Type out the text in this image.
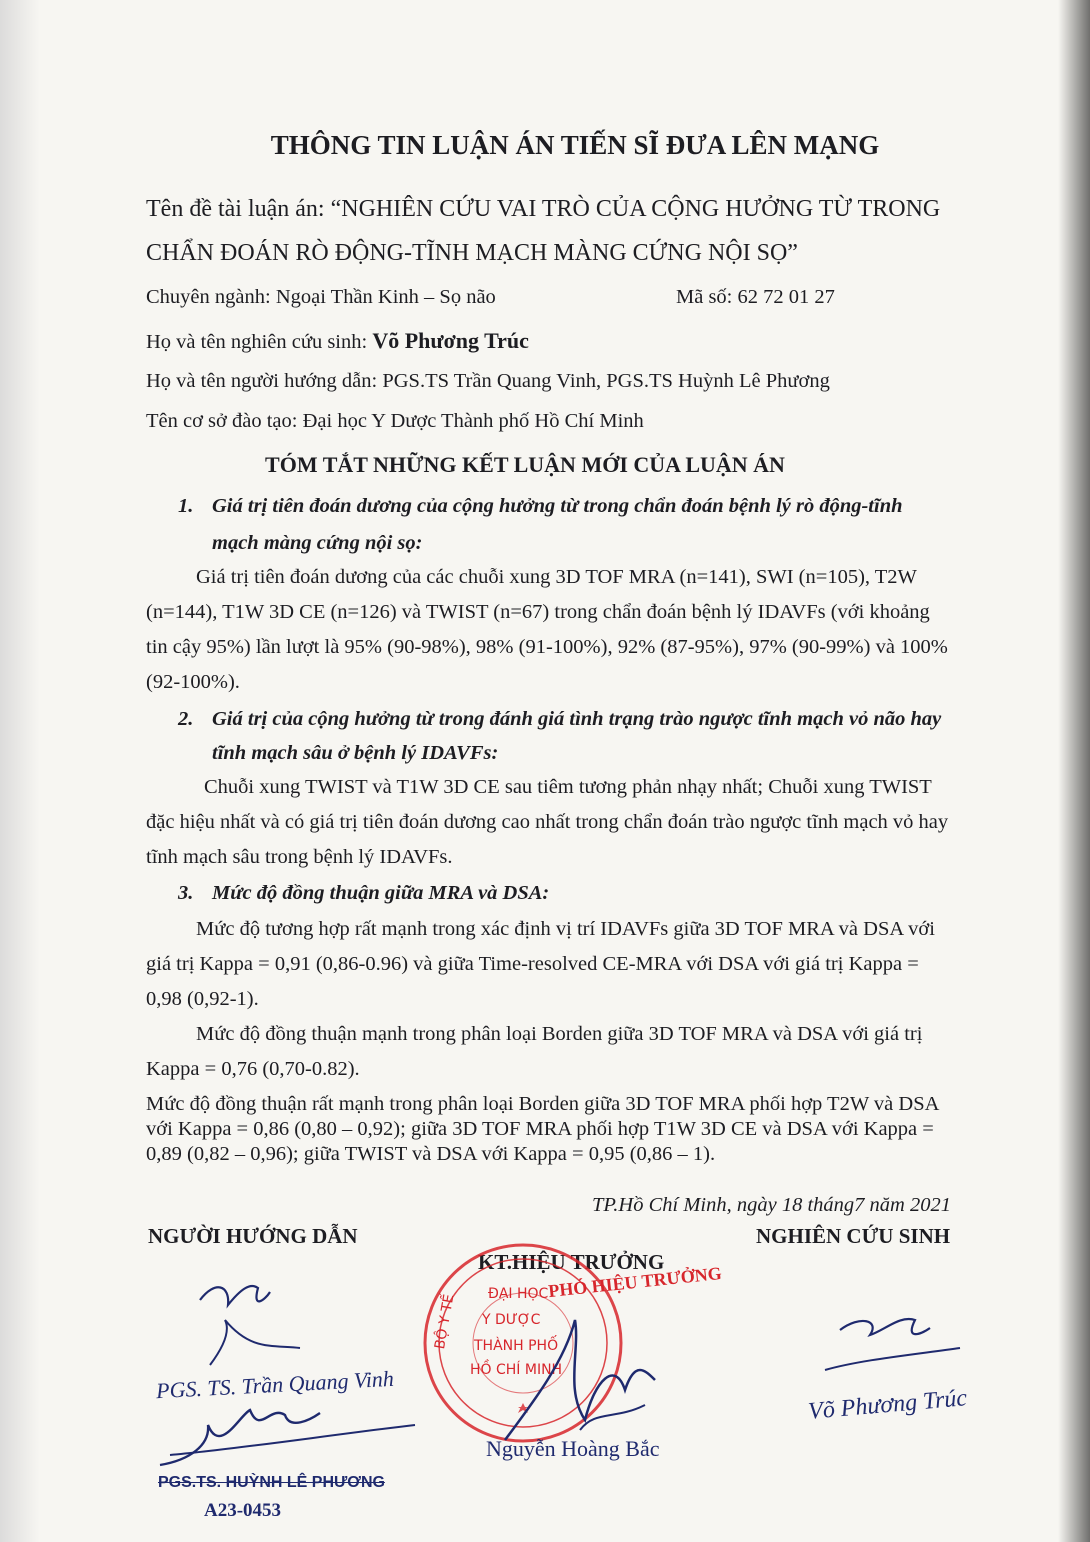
THÔNG TIN LUẬN ÁN TIẾN SĨ ĐƯA LÊN MẠNG
Tên đề tài luận án: “NGHIÊN CỨU VAI TRÒ CỦA CỘNG HƯỞNG TỪ TRONG
CHẨN ĐOÁN RÒ ĐỘNG-TĨNH MẠCH MÀNG CỨNG NỘI SỌ”
Chuyên ngành: Ngoại Thần Kinh – Sọ não	Mã số: 62 72 01 27
Họ và tên nghiên cứu sinh: Võ Phương Trúc
Họ và tên người hướng dẫn: PGS.TS Trần Quang Vinh, PGS.TS Huỳnh Lê Phương
Tên cơ sở đào tạo: Đại học Y Dược Thành phố Hồ Chí Minh
TÓM TẮT NHỮNG KẾT LUẬN MỚI CỦA LUẬN ÁN
1. Giá trị tiên đoán dương của cộng hưởng từ trong chẩn đoán bệnh lý rò động-tĩnh
mạch màng cứng nội sọ:
Giá trị tiên đoán dương của các chuỗi xung 3D TOF MRA (n=141), SWI (n=105), T2W
(n=144), T1W 3D CE (n=126) và TWIST (n=67) trong chẩn đoán bệnh lý IDAVFs (với khoảng
tin cậy 95%) lần lượt là 95% (90-98%), 98% (91-100%), 92% (87-95%), 97% (90-99%) và 100%
(92-100%).
2. Giá trị của cộng hưởng từ trong đánh giá tình trạng trào ngược tĩnh mạch vỏ não hay
tĩnh mạch sâu ở bệnh lý IDAVFs:
Chuỗi xung TWIST và T1W 3D CE sau tiêm tương phản nhạy nhất; Chuỗi xung TWIST
đặc hiệu nhất và có giá trị tiên đoán dương cao nhất trong chẩn đoán trào ngược tĩnh mạch vỏ hay
tĩnh mạch sâu trong bệnh lý IDAVFs.
3. Mức độ đồng thuận giữa MRA và DSA:
Mức độ tương hợp rất mạnh trong xác định vị trí IDAVFs giữa 3D TOF MRA và DSA với
giá trị Kappa = 0,91 (0,86-0.96) và giữa Time-resolved CE-MRA với DSA với giá trị Kappa =
0,98 (0,92-1).
Mức độ đồng thuận mạnh trong phân loại Borden giữa 3D TOF MRA và DSA với giá trị
Kappa = 0,76 (0,70-0.82).
Mức độ đồng thuận rất mạnh trong phân loại Borden giữa 3D TOF MRA phối hợp T2W và DSA
với Kappa = 0,86 (0,80 – 0,92); giữa 3D TOF MRA phối hợp T1W 3D CE và DSA với Kappa =
0,89 (0,82 – 0,96); giữa TWIST và DSA với Kappa = 0,95 (0,86 – 1).
TP.Hồ Chí Minh, ngày 18 tháng7 năm 2021
NGƯỜI HƯỚNG DẪN
KT.HIỆU TRƯỞNG
NGHIÊN CỨU SINH
ĐẠI HỌC
Y DƯỢC
THÀNH PHỐ
HỒ CHÍ MINH
BỘ Y TẾ
PHÓ HIỆU TRƯỞNG
Nguyễn Hoàng Bắc
PGS. TS. Trần Quang Vinh
PGS.TS. HUỲNH LÊ PHƯƠNG
A23-0453
Võ Phương Trúc
